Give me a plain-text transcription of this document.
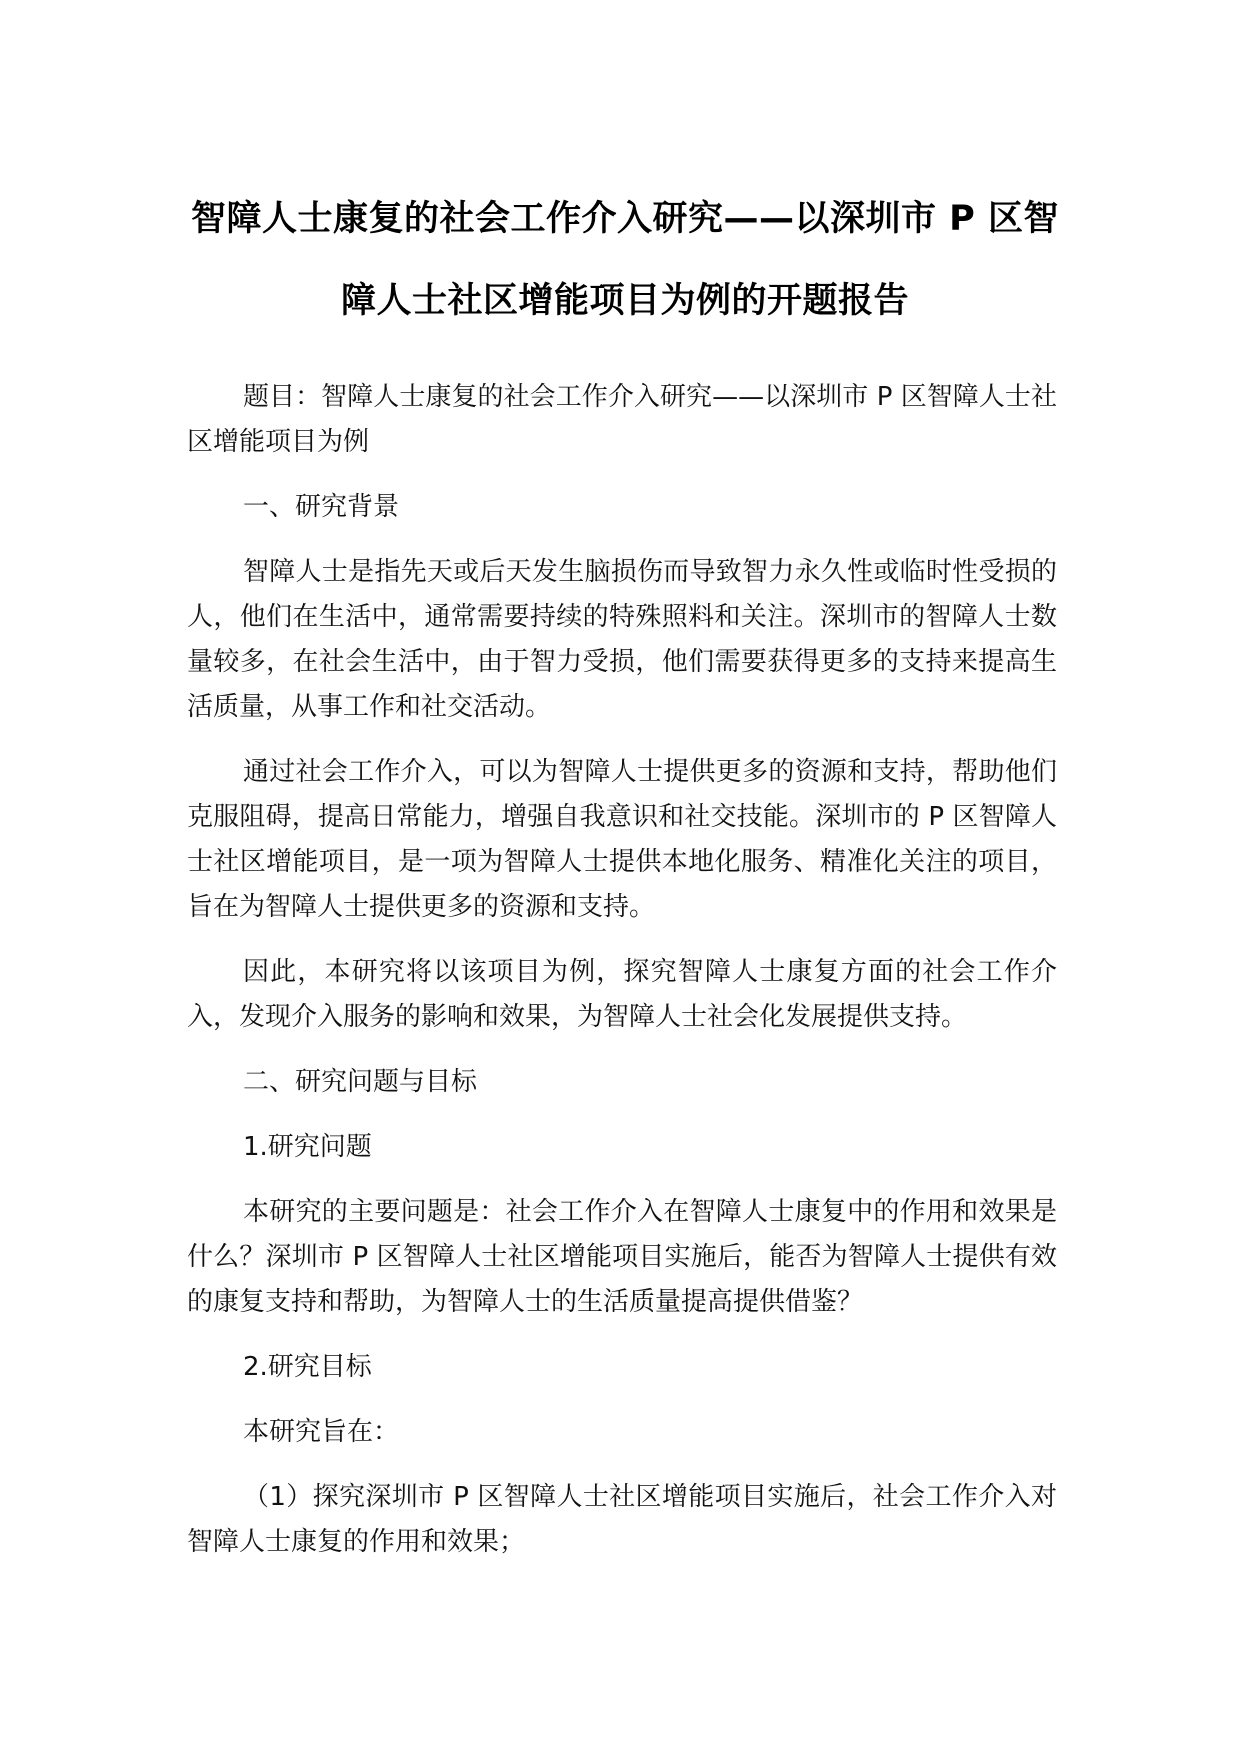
智障人士康复的社会工作介入研究——以深圳市 P 区智障人士社区增能项目为例的开题报告

题目：智障人士康复的社会工作介入研究——以深圳市 P 区智障人士社区增能项目为例

一、研究背景

智障人士是指先天或后天发生脑损伤而导致智力永久性或临时性受损的人，他们在生活中，通常需要持续的特殊照料和关注。深圳市的智障人士数量较多，在社会生活中，由于智力受损，他们需要获得更多的支持来提高生活质量，从事工作和社交活动。

通过社会工作介入，可以为智障人士提供更多的资源和支持，帮助他们克服阻碍，提高日常能力，增强自我意识和社交技能。深圳市的 P 区智障人士社区增能项目，是一项为智障人士提供本地化服务、精准化关注的项目，旨在为智障人士提供更多的资源和支持。

因此，本研究将以该项目为例，探究智障人士康复方面的社会工作介入，发现介入服务的影响和效果，为智障人士社会化发展提供支持。

二、研究问题与目标

1.研究问题

本研究的主要问题是：社会工作介入在智障人士康复中的作用和效果是什么？深圳市 P 区智障人士社区增能项目实施后，能否为智障人士提供有效的康复支持和帮助，为智障人士的生活质量提高提供借鉴？

2.研究目标

本研究旨在：

（1）探究深圳市 P 区智障人士社区增能项目实施后，社会工作介入对智障人士康复的作用和效果；
